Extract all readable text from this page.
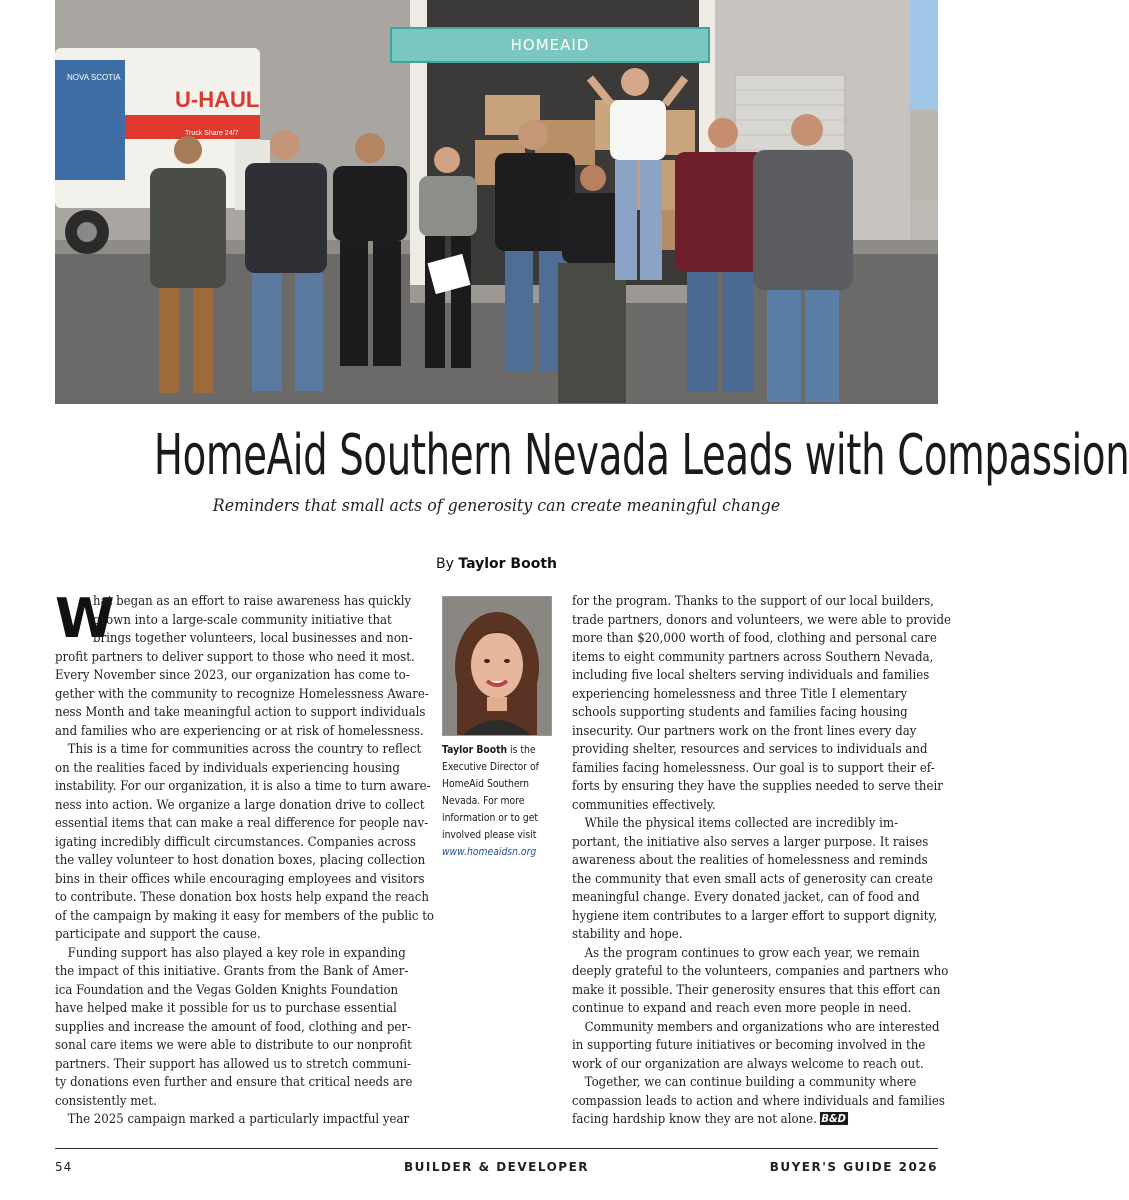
U-HAUL
NOVA SCOTIA
Truck Share 24/7
HOMEAID
HomeAid Southern Nevada Leads with Compassion

Reminders that small acts of generosity can create meaningful change

By Taylor Booth
W
hat began as an effort to raise awareness has quickly
grown into a large-scale community initiative that
brings together volunteers, local businesses and non-
profit partners to deliver support to those who need it most.
Every November since 2023, our organization has come to-
gether with the community to recognize Homelessness Aware-
ness Month and take meaningful action to support individuals
and families who are experiencing or at risk of homelessness.
This is a time for communities across the country to reflect
on the realities faced by individuals experiencing housing
instability. For our organization, it is also a time to turn aware-
ness into action. We organize a large donation drive to collect
essential items that can make a real difference for people nav-
igating incredibly difficult circumstances. Companies across
the valley volunteer to host donation boxes, placing collection
bins in their offices while encouraging employees and visitors
to contribute. These donation box hosts help expand the reach
of the campaign by making it easy for members of the public to
participate and support the cause.
Funding support has also played a key role in expanding
the impact of this initiative. Grants from the Bank of Amer-
ica Foundation and the Vegas Golden Knights Foundation
have helped make it possible for us to purchase essential
supplies and increase the amount of food, clothing and per-
sonal care items we were able to distribute to our nonprofit
partners. Their support has allowed us to stretch communi-
ty donations even further and ensure that critical needs are
consistently met.
The 2025 campaign marked a particularly impactful year
Taylor Booth is the
Executive Director of
HomeAid Southern
Nevada. For more
information or to get
involved please visit
www.homeaidsn.org
for the program. Thanks to the support of our local builders,
trade partners, donors and volunteers, we were able to provide
more than $20,000 worth of food, clothing and personal care
items to eight community partners across Southern Nevada,
including five local shelters serving individuals and families
experiencing homelessness and three Title I elementary
schools supporting students and families facing housing
insecurity. Our partners work on the front lines every day
providing shelter, resources and services to individuals and
families facing homelessness. Our goal is to support their ef-
forts by ensuring they have the supplies needed to serve their
communities effectively.
While the physical items collected are incredibly im-
portant, the initiative also serves a larger purpose. It raises
awareness about the realities of homelessness and reminds
the community that even small acts of generosity can create
meaningful change. Every donated jacket, can of food and
hygiene item contributes to a larger effort to support dignity,
stability and hope.
As the program continues to grow each year, we remain
deeply grateful to the volunteers, companies and partners who
make it possible. Their generosity ensures that this effort can
continue to expand and reach even more people in need.
Community members and organizations who are interested
in supporting future initiatives or becoming involved in the
work of our organization are always welcome to reach out.
Together, we can continue building a community where
compassion leads to action and where individuals and families
facing hardship know they are not alone. B&D
BUILDER & DEVELOPER
54	BUYER'S GUIDE 2026
